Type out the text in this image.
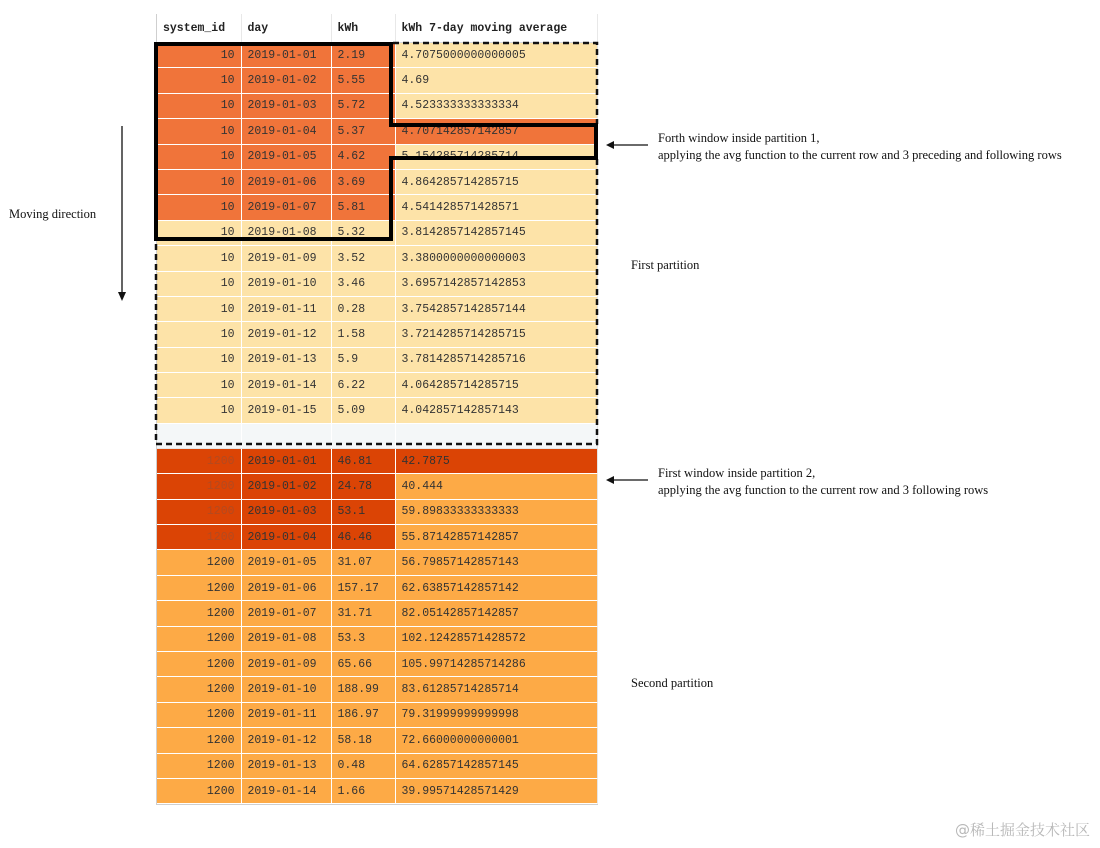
system_id	day	kWh	kWh 7-day moving average
10	2019-01-01	2.19	4.7075000000000005
10	2019-01-02	5.55	4.69
10	2019-01-03	5.72	4.523333333333334
10	2019-01-04	5.37	4.707142857142857
10	2019-01-05	4.62	5.154285714285714
10	2019-01-06	3.69	4.864285714285715
10	2019-01-07	5.81	4.541428571428571
10	2019-01-08	5.32	3.8142857142857145
10	2019-01-09	3.52	3.3800000000000003
10	2019-01-10	3.46	3.6957142857142853
10	2019-01-11	0.28	3.7542857142857144
10	2019-01-12	1.58	3.7214285714285715
10	2019-01-13	5.9	3.7814285714285716
10	2019-01-14	6.22	4.064285714285715
10	2019-01-15	5.09	4.042857142857143

1200	2019-01-01	46.81	42.7875
1200	2019-01-02	24.78	40.444
1200	2019-01-03	53.1	59.89833333333333
1200	2019-01-04	46.46	55.87142857142857
1200	2019-01-05	31.07	56.79857142857143
1200	2019-01-06	157.17	62.63857142857142
1200	2019-01-07	31.71	82.05142857142857
1200	2019-01-08	53.3	102.12428571428572
1200	2019-01-09	65.66	105.99714285714286
1200	2019-01-10	188.99	83.61285714285714
1200	2019-01-11	186.97	79.31999999999998
1200	2019-01-12	58.18	72.66000000000001
1200	2019-01-13	0.48	64.62857142857145
1200	2019-01-14	1.66	39.99571428571429
Moving direction
Forth window inside partition 1,
applying the avg function to the current row and 3 preceding and following rows
First partition
First window inside partition 2,
applying the avg function to the current row and 3 following rows
Second partition
@稀土掘金技术社区
